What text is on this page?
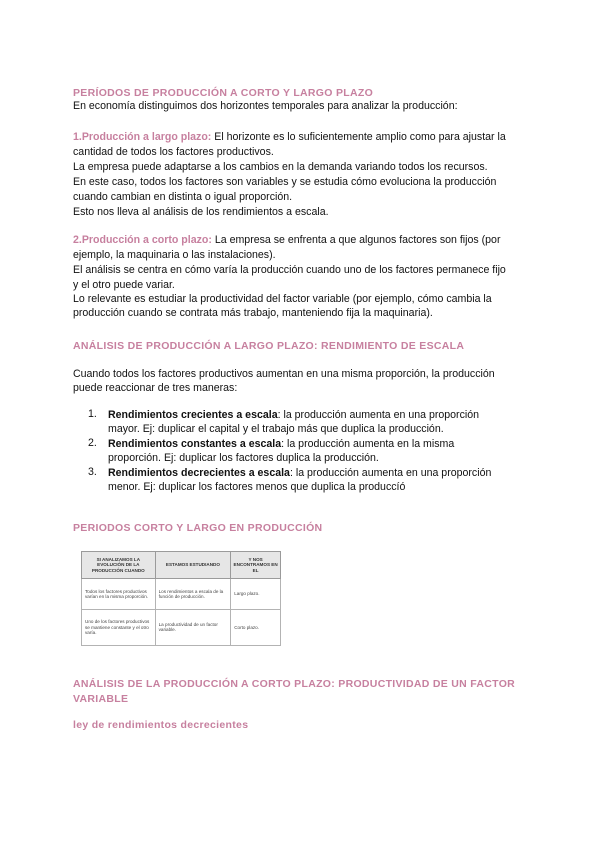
PERÍODOS DE PRODUCCIÓN A CORTO Y LARGO PLAZO
En economía distinguimos dos horizontes temporales para analizar la producción:
1.Producción a largo plazo: El horizonte es lo suficientemente amplio como para ajustar la
cantidad de todos los factores productivos.
La empresa puede adaptarse a los cambios en la demanda variando todos los recursos.
En este caso, todos los factores son variables y se estudia cómo evoluciona la producción
cuando cambian en distinta o igual proporción.
Esto nos lleva al análisis de los rendimientos a escala.
2.Producción a corto plazo: La empresa se enfrenta a que algunos factores son fijos (por
ejemplo, la maquinaria o las instalaciones).
El análisis se centra en cómo varía la producción cuando uno de los factores permanece fijo
y el otro puede variar.
Lo relevante es estudiar la productividad del factor variable (por ejemplo, cómo cambia la
producción cuando se contrata más trabajo, manteniendo fija la maquinaria).
ANÁLISIS DE PRODUCCIÓN A LARGO PLAZO: RENDIMIENTO DE ESCALA
Cuando todos los factores productivos aumentan en una misma proporción, la producción
puede reaccionar de tres maneras:
1. Rendimientos crecientes a escala: la producción aumenta en una proporción
mayor. Ej: duplicar el capital y el trabajo más que duplica la producción.
2. Rendimientos constantes a escala: la producción aumenta en la misma
proporción. Ej: duplicar los factores duplica la producción.
3. Rendimientos decrecientes a escala: la producción aumenta en una proporción
menor. Ej: duplicar los factores menos que duplica la produccíó
PERIODOS CORTO Y LARGO EN PRODUCCIÓN
SI ANALIZAMOS LA EVOLUCIÓN DE LA PRODUCCIÓN CUANDO	ESTAMOS ESTUDIANDO	Y NOS ENCONTRAMOS EN EL
Todos los factores productivos varían en la misma proporción.	Los rendimientos a escala de la función de producción.	Largo plazo.
Uno de los factores productivos se mantiene constante y el otro varía.	La productividad de un factor variable.	Corto plazo.
ANÁLISIS DE LA PRODUCCIÓN A CORTO PLAZO: PRODUCTIVIDAD DE UN FACTOR
VARIABLE
ley de rendimientos decrecientes
